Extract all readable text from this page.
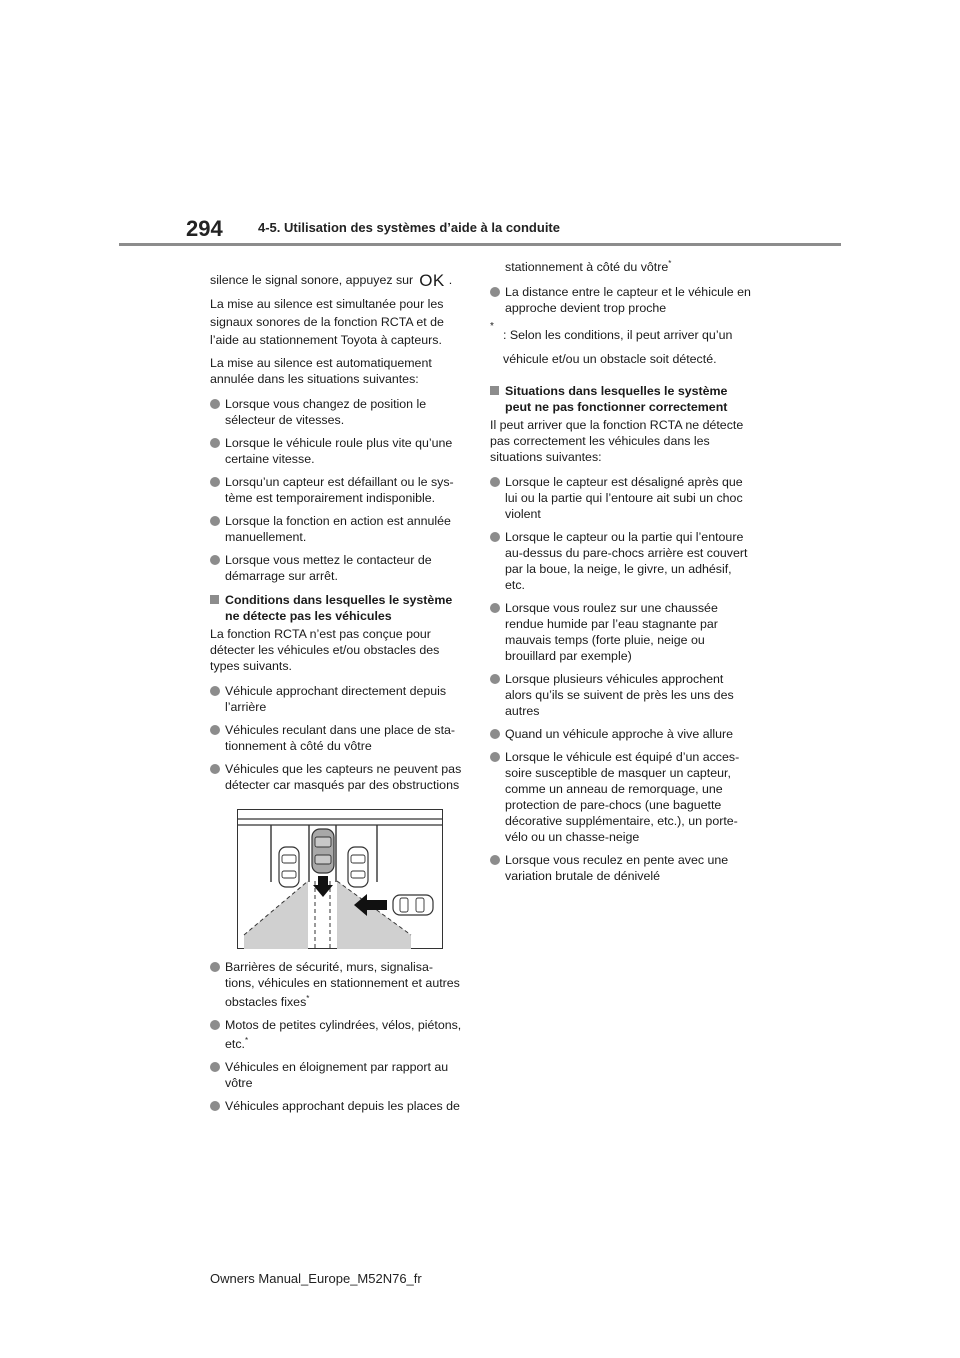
294	4-5. Utilisation des systèmes d’aide à la conduite

silence le signal sonore, appuyez sur OK .

La mise au silence est simultanée pour les signaux sonores de la fonction RCTA et de l’aide au stationnement Toyota à capteurs.
La mise au silence est automatiquement annulée dans les situations suivantes:
Lorsque vous changez de position le sélecteur de vitesses.
Lorsque le véhicule roule plus vite qu’une certaine vitesse.
Lorsqu’un capteur est défaillant ou le sys-
tème est temporairement indisponible.
Lorsque la fonction en action est annulée manuellement.
Lorsque vous mettez le contacteur de démarrage sur arrêt.
Conditions dans lesquelles le système ne détecte pas les véhicules
La fonction RCTA n’est pas conçue pour détecter les véhicules et/ou obstacles des types suivants.
Véhicule approchant directement depuis l’arrière
Véhicules reculant dans une place de sta-
tionnement à côté du vôtre
Véhicules que les capteurs ne peuvent pas détecter car masqués par des obstructions
Barrières de sécurité, murs, signalisa-
tions, véhicules en stationnement et autres obstacles fixes*
Motos de petites cylindrées, vélos, piétons, etc.*
Véhicules en éloignement par rapport au vôtre
Véhicules approchant depuis les places de
stationnement à côté du vôtre*
La distance entre le capteur et le véhicule en approche devient trop proche
*
: Selon les conditions, il peut arriver qu’un
véhicule et/ou un obstacle soit détecté.
Situations dans lesquelles le système peut ne pas fonctionner correctement
Il peut arriver que la fonction RCTA ne détecte pas correctement les véhicules dans les situations suivantes:
Lorsque le capteur est désaligné après que lui ou la partie qui l’entoure ait subi un choc violent
Lorsque le capteur ou la partie qui l’entoure au-dessus du pare-chocs arrière est couvert par la boue, la neige, le givre, un adhésif, etc.
Lorsque vous roulez sur une chaussée rendue humide par l’eau stagnante par mauvais temps (forte pluie, neige ou brouillard par exemple)
Lorsque plusieurs véhicules approchent alors qu’ils se suivent de près les uns des autres
Quand un véhicule approche à vive allure
Lorsque le véhicule est équipé d’un acces-
soire susceptible de masquer un capteur, comme un anneau de remorquage, une protection de pare-chocs (une baguette décorative supplémentaire, etc.), un porte-
vélo ou un chasse-neige
Lorsque vous reculez en pente avec une variation brutale de dénivelé
Owners Manual_Europe_M52N76_fr
